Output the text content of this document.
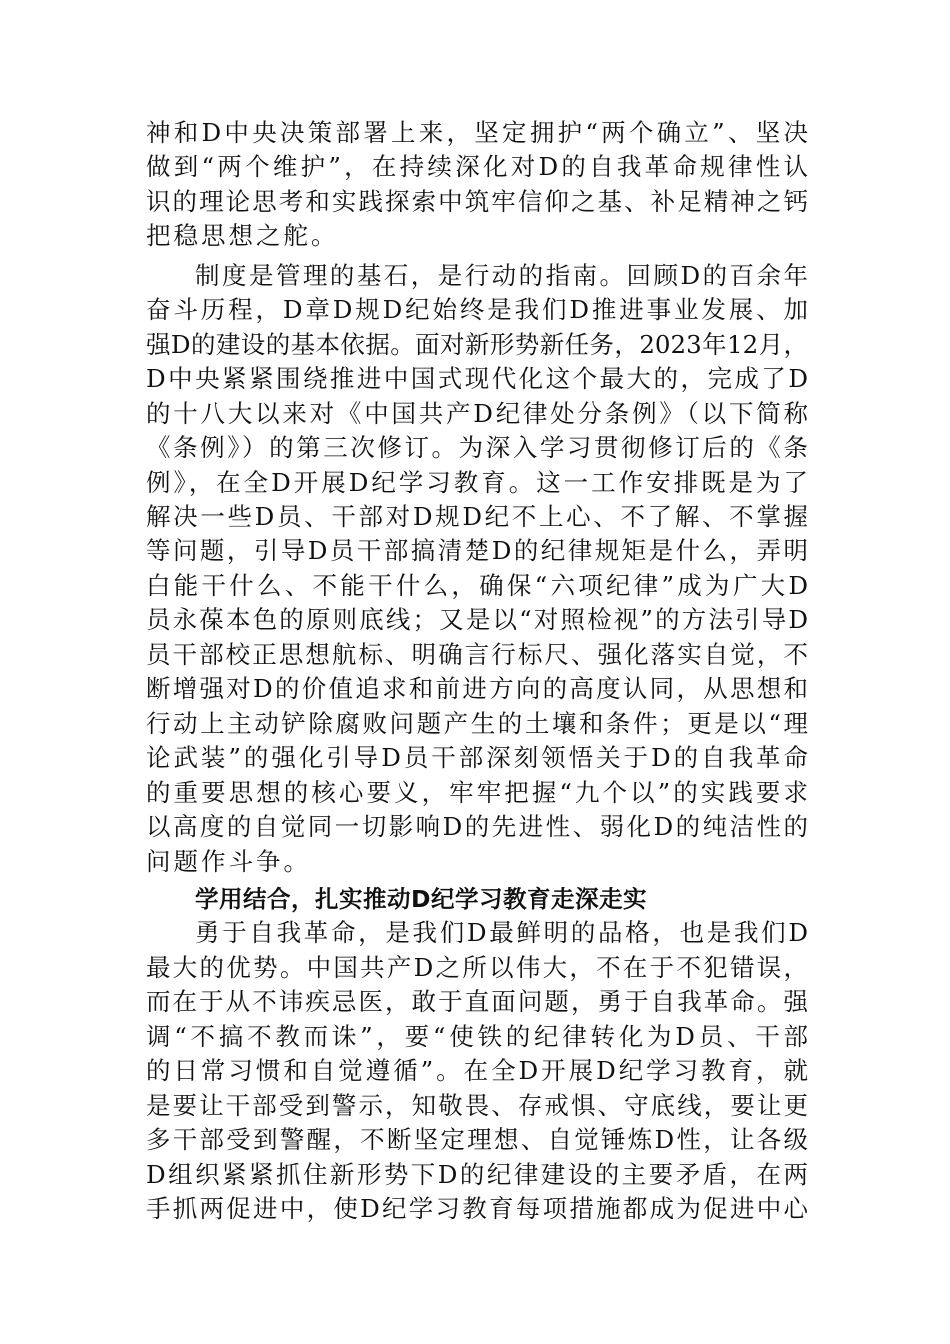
神和D中央决策部署上来，坚定拥护“两个确立”、坚决
做到“两个维护”，在持续深化对D的自我革命规律性认
识的理论思考和实践探索中筑牢信仰之基、补足精神之钙
把稳思想之舵。
制度是管理的基石，是行动的指南。回顾D的百余年
奋斗历程，D章D规D纪始终是我们D推进事业发展、加
强D的建设的基本依据。面对新形势新任务，2023年12月，
D中央紧紧围绕推进中国式现代化这个最大的，完成了D
的十八大以来对《中国共产D纪律处分条例》（以下简称
《条例》）的第三次修订。为深入学习贯彻修订后的《条
例》，在全D开展D纪学习教育。这一工作安排既是为了
解决一些D员、干部对D规D纪不上心、不了解、不掌握
等问题，引导D员干部搞清楚D的纪律规矩是什么，弄明
白能干什么、不能干什么，确保“六项纪律”成为广大D
员永葆本色的原则底线；又是以“对照检视”的方法引导D
员干部校正思想航标、明确言行标尺、强化落实自觉，不
断增强对D的价值追求和前进方向的高度认同，从思想和
行动上主动铲除腐败问题产生的土壤和条件；更是以“理
论武装”的强化引导D员干部深刻领悟关于D的自我革命
的重要思想的核心要义，牢牢把握“九个以”的实践要求
以高度的自觉同一切影响D的先进性、弱化D的纯洁性的
问题作斗争。
学用结合，扎实推动D纪学习教育走深走实
勇于自我革命，是我们D最鲜明的品格，也是我们D
最大的优势。中国共产D之所以伟大，不在于不犯错误，
而在于从不讳疾忌医，敢于直面问题，勇于自我革命。强
调“不搞不教而诛”，要“使铁的纪律转化为D员、干部
的日常习惯和自觉遵循”。在全D开展D纪学习教育，就
是要让干部受到警示，知敬畏、存戒惧、守底线，要让更
多干部受到警醒，不断坚定理想、自觉锤炼D性，让各级
D组织紧紧抓住新形势下D的纪律建设的主要矛盾，在两
手抓两促进中，使D纪学习教育每项措施都成为促进中心
